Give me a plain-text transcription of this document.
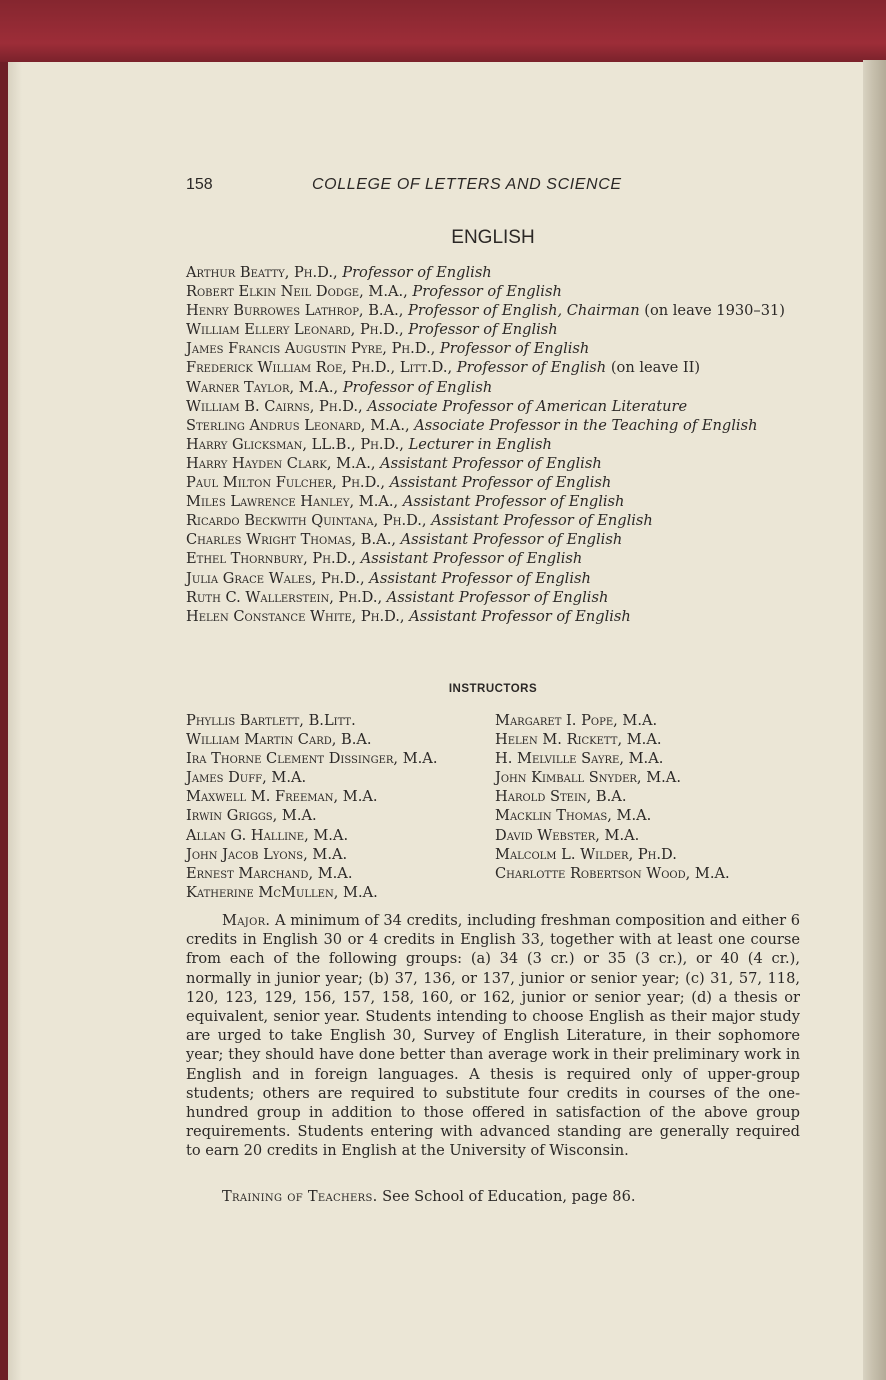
158	COLLEGE OF LETTERS AND SCIENCE
ENGLISH
Arthur Beatty, Ph.D., Professor of English
Robert Elkin Neil Dodge, M.A., Professor of English
Henry Burrowes Lathrop, B.A., Professor of English, Chairman (on leave 1930–31)
William Ellery Leonard, Ph.D., Professor of English
James Francis Augustin Pyre, Ph.D., Professor of English
Frederick William Roe, Ph.D., Litt.D., Professor of English (on leave II)
Warner Taylor, M.A., Professor of English
William B. Cairns, Ph.D., Associate Professor of American Literature
Sterling Andrus Leonard, M.A., Associate Professor in the Teaching of English
Harry Glicksman, LL.B., Ph.D., Lecturer in English
Harry Hayden Clark, M.A., Assistant Professor of English
Paul Milton Fulcher, Ph.D., Assistant Professor of English
Miles Lawrence Hanley, M.A., Assistant Professor of English
Ricardo Beckwith Quintana, Ph.D., Assistant Professor of English
Charles Wright Thomas, B.A., Assistant Professor of English
Ethel Thornbury, Ph.D., Assistant Professor of English
Julia Grace Wales, Ph.D., Assistant Professor of English
Ruth C. Wallerstein, Ph.D., Assistant Professor of English
Helen Constance White, Ph.D., Assistant Professor of English
INSTRUCTORS
Phyllis Bartlett, B.Litt.
William Martin Card, B.A.
Ira Thorne Clement Dissinger, M.A.
James Duff, M.A.
Maxwell M. Freeman, M.A.
Irwin Griggs, M.A.
Allan G. Halline, M.A.
John Jacob Lyons, M.A.
Ernest Marchand, M.A.
Katherine McMullen, M.A.
Margaret I. Pope, M.A.
Helen M. Rickett, M.A.
H. Melville Sayre, M.A.
John Kimball Snyder, M.A.
Harold Stein, B.A.
Macklin Thomas, M.A.
David Webster, M.A.
Malcolm L. Wilder, Ph.D.
Charlotte Robertson Wood, M.A.
Major. A minimum of 34 credits, including freshman composition and either 6 credits in English 30 or 4 credits in English 33, together with at least one course from each of the following groups: (a) 34 (3 cr.) or 35 (3 cr.), or 40 (4 cr.), normally in junior year; (b) 37, 136, or 137, junior or senior year; (c) 31, 57, 118, 120, 123, 129, 156, 157, 158, 160, or 162, junior or senior year; (d) a thesis or equivalent, senior year. Students intending to choose English as their major study are urged to take English 30, Survey of English Literature, in their sophomore year; they should have done better than average work in their preliminary work in English and in foreign languages. A thesis is required only of upper-group students; others are required to substitute four credits in courses of the one-hundred group in addition to those offered in satisfaction of the above group requirements. Students entering with advanced standing are generally required to earn 20 credits in English at the University of Wisconsin.
Training of Teachers. See School of Education, page 86.
